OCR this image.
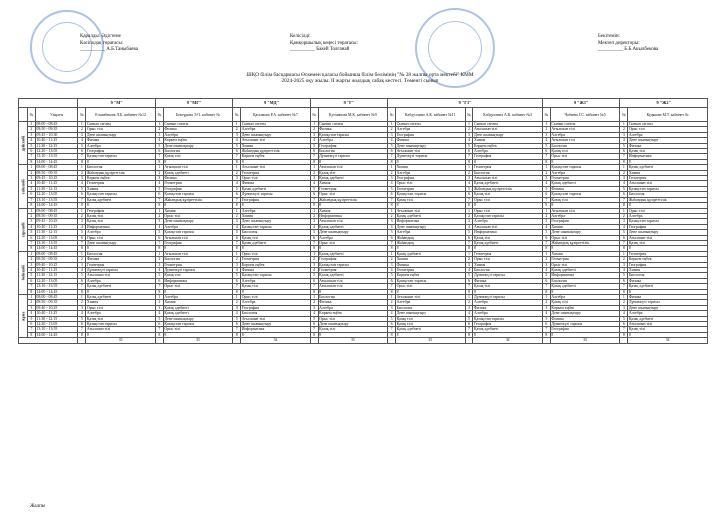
Қаралды: Әдістеме
Кәсіподақ төрағасы:
__________ А.Б.Таныбаева
Келісілді:
Қамқоршылық кеңесі төрағасы:
__________ Бакей Толғанай
Бекітемін:
Мектеп директоры:
__________ Б.Б.Акылбекова
ШҚО білім басқармасы Өскемен қаласы бойынша білім бөлімінің "№ 38 жалпы орта мектебі" КММ
2024-2025 оқу жылы. II жарты жылдық сабақ кестесі. Төменгі сынып
			9 "М"		9 "МГ"		9 "МД"		9 "Г"		9 "Г1"				9 "Ж1"		9 "Ж2"	
	№	Уақыты	№	Елшибекова Л.Б. кабинет №12	№	Бектұрова Э.О. кабинет №	№	Қасымова Р.А. кабинет №7	№	Қусманова М.К. кабинет №9	№	Кабдуллина А.К. кабинет №11	№	Кабдуллина А.К. кабинет №3	№	Чабаева Г.С. кабинет №5	№	Кудякова М.Т. кабинет №
дүйсенбі	1	08:00 - 08:45	1	Сынып сағаты	1	Сынып сағаты	1	Сынып сағаты	1	Сынып сағаты	1	Сынып сағаты	1	Сынып сағаты	1	Сынып сағаты	1	Сынып сағаты
	2	08:50 - 09:35	2	Орыс тілі	2	Физика	2	Алгебра	2	Физика	2	Алгебра	2	Ағылшын тілі	2	Ағылшын тілі	2	Орыс тілі
	3	09:45 - 10:30	3	Дене шынықтыру	3	Алгебра	3	Дене шынықтыру	3	Қазақстан тарихы	3	География	3	Дене шынықтыру	3	Алгебра	3	Алгебра
	4	10:40 - 11:25	4	Физика	4	Көркем еңбек	4	Ағылшын тілі	4	Алгебра	4	Физика	4	Химия	4	Ағылшын тілі	4	Дене шынықтыру
	5	11:30 - 12:15	5	Алгебра	5	Дене шынықтыру	5	Химия	5	География	5	Дене шынықтыру	5	Көркем еңбек	5	Биология	5	Физика
	6	12:20 - 13:05	6	География	6	Биология	6	Жаһандық құзіреттілік	6	Биология	6	Ағылшын тілі	6	Алгебра	6	Қазақ тілі	6	Қазақ тілі
	7	13:10 - 13:55	7	Қазақстан тарихы	7	Қазақ тілі	7	Көркем еңбек	7	Дүниежүзі тарихы	7	Дүниежүзі тарихы	7	География	7	Орыс тілі	7	Информатика
	8	14:00 - 14:45	8	8	8	8	8	8	8	8	8	8	8	8	8	8	8	8
сейсенбі	1	08:00 - 08:45	1	Биология	1	Ағылшын тілі	1	Ағылшын тілі	1	Ағылшын тілі	1	Химия	1	Геометрия	1	Қазақстан тарихы	1	Қазақ әдебиеті
	2	08:50 - 09:35	2	Жаһандық құзіреттілік	2	Қазақ әдебиеті	2	Геометрия	2	Қазақ тілі	2	Алгебра	2	Биология	2	Алгебра	2	Химия
	3	09:45 - 10:25	3	Көркем еңбек	3	Физика	3	Орыс тілі	3	Қазақ әдебиеті	3	География	3	Ағылшын тілі	3	Геометрия	3	Геометрия
	4	10:40 - 11:25	4	Геометрия	4	Геометрия	4	Физика	4	Химия	4	Орыс тілі	4	Қазақ әдебиеті	4	Қазақ әдебиеті	4	Ағылшын тілі
	5	11:30 - 12:15	5	Химия	5	География	5	Қазақ әдебиеті	5	Геометрия	5	Геометрия	5	Жаһандық құзіреттілік	5	Физика	5	Қазақстан тарихы
	6	12:20 - 13:05	6	Қазақстан тарихы	6	Қазақстан тарихы	6	Дүниежүзі тарихы	6	Орыс тілі	6	Қазақстан тарихы	6	Қазақ тілі	6	Қазақстан тарихы	6	Биология
	7	13:10 - 13:55	7	Қазақ әдебиеті	7	Жаһандық құзіреттілік	7	География	7	Жаһандық құзіреттілік	7	Қазақ тілі	7	Орыс тілі	7	Қазақ тілі	7	Жаһандық құзіреттілік
	8	14:00 - 14:45	8	8	8	8	8	8	8	8	8	8	8	8	8	8	8	8
сәрсенбі	1	08:00 - 08:45	1	География	1	Химия	1	Алгебра	1	Химия	1	Ағылшын тілі	1	Орыс тілі	1	Ағылшын тілі	1	Орыс тілі
	2	08:50 - 09:35	2	Қазақ тілі	2	Орыс тілі	2	Химия	2	Информатика	2	Қазақ әдебиеті	2	Қазақстан тарихы	2	Алгебра	2	Алгебра
	3	09:45 - 10:25	3	Қазақ тілі	3	Дене шынықтыру	3	Дене шынықтыру	3	Ағылшын тілі	3	Информатика	3	Алгебра	3	География	3	Қазақстан тарихы
	4	10:40 - 11:25	4	Информатика	4	Алгебра	4	Қазақстан тарихы	4	Қазақ әдебиеті	4	Дене шынықтыру	4	Ағылшын тілі	4	Химия	4	География
	5	11:30 - 12:15	5	Алгебра	5	Қазақстан тарихы	5	Биология	5	Дене шынықтыру	5	Алгебра	5	Информатика	5	Дене шынықтыру	5	Дене шынықтыру
	6	12:20 - 13:05	6	Орыс тілі	6	Ағылшын тілі	6	Қазақ тілі	6	Алгебра	6	Жаһандық	6	Қазақ тілі	6	Орыс тілі	6	Ағылшын тілі
	7	13:10 - 13:55	7	Дене шынықтыру	7	География	7	Қазақ әдебиеті	7	Орыс тілі	7	Жаһандық	7	Қазақ әдебиеті	7	Жаһандық құзіреттілік	7	Қазақ тілі
	8	14:00 - 14:45	8	8	8	8	8	8	8	8	8	8	8	8	8	8	8	8
бейсенбі	1	08:00 - 08:45	1	Биология	1	Ағылшын тілі	1	Орыс тілі	1	Қазақ әдебиеті	1	Қазақ әдебиеті	1	Геометрия	1	Химия	1	Геометрия
	2	08:50 - 09:35	2	Физика	2	Биология	2	Геометрия	2	География	2	Химия	2	Орыс тілі	2	Геометрия	2	Көркем еңбек
	3	09:40 - 10:25	3	Геометрия	3	Геометрия	3	Көркем еңбек	3	Қазақстан тарихы	3	Физика	3	Химия	3	Орыс тілі	3	География
	4	10:40 - 11:25	4	Дүниежүзі тарихы	4	Дүниежүзі тарихы	4	Физика	4	Геометрия	4	Геометрия	4	Биология	4	Қазақ әдебиеті	4	Химия
	5	11:30 - 12:15	5	Ағылшын тілі	5	Қазақ тілі	5	Қазақстан тарихы	5	Қазақ әдебиеті	5	Көркем еңбек	5	Дүниежүзі тарихы	5	Информатика	5	Биология
	6	12:20 - 13:05	6	Алгебра	6	Информатика	6	Алгебра	6	Ағылшын тілі	6	Қазақстан тарихы	6	Физика	6	Биология	6	Физика
	7	13:10 - 13:55	7	Қазақ әдебиеті	7	Орыс тілі	7	Қазақ тілі	7	Ағылшын тілі	7	Орыс тілі	7	Қазақ тілі	7	Қазақ әдебиеті	7	Қазақ әдебиеті
	8	14:00 - 14:45	8	8	8	8	8	8	8	8	8	8	8	8	8	8	8	8
жұма	1	08:00 - 08:45	1	Қазақ әдебиеті	1	Алгебра	1	Орыс тілі	1	Биология	1	Ағылшын тілі	1	Дүниежүзі тарихы	1	Алгебра	1	Физика
	2	08:50 - 09:35	2	Химия	2	Химия	2	Алгебра	2	Физика	2	Алгебра	2	Алгебра	2	Қазақ тілі	2	Дүниежүзі тарихы
	3	09:40 - 10:25	3	Орыс тілі	3	Қазақ әдебиеті	3	География	3	Алгебра	3	Биология	3	Физика	3	Көркем еңбек	3	Дене шынықтыру
	4	10:40 - 11:25	4	Алгебра	4	Қазақ әдебиеті	4	Биология	4	Көркем еңбек	4	Дене шынықтыру	4	Алгебра	4	Дене шынықтыру	4	Алгебра
	5	11:30 - 12:15	5	Қазақ тілі	5	Дене шынықтыру	5	Ағылшын тілі	5	Орыс тілі	5	Қазақ тілі	5	Қазақстан тарихы	5	Физика	5	Қазақ әдебиеті
	6	12:20 - 13:05	6	Қазақстан тарихы	6	Қазақстан тарихы	6	Дене шынықтыру	6	Дене шынықтыру	6	Қазақ тілі	6	География	6	Дүниежүзі тарихы	6	Ағылшын тілі
	7	13:10 - 13:55	7	Ағылшын тілі	7	Орыс тілі	7	Информатика	7	Қазақ тілі	7	Қазақ әдебиеті	7	Қазақ әдебиеті	7	География	7	Қазақ тілі
	8	14:00 - 14:45	8	8	8	8	8	8	8	8	8	8	8	8	8	8	8	8
				35		35		34		35		35		34		35		34
Жалпы
